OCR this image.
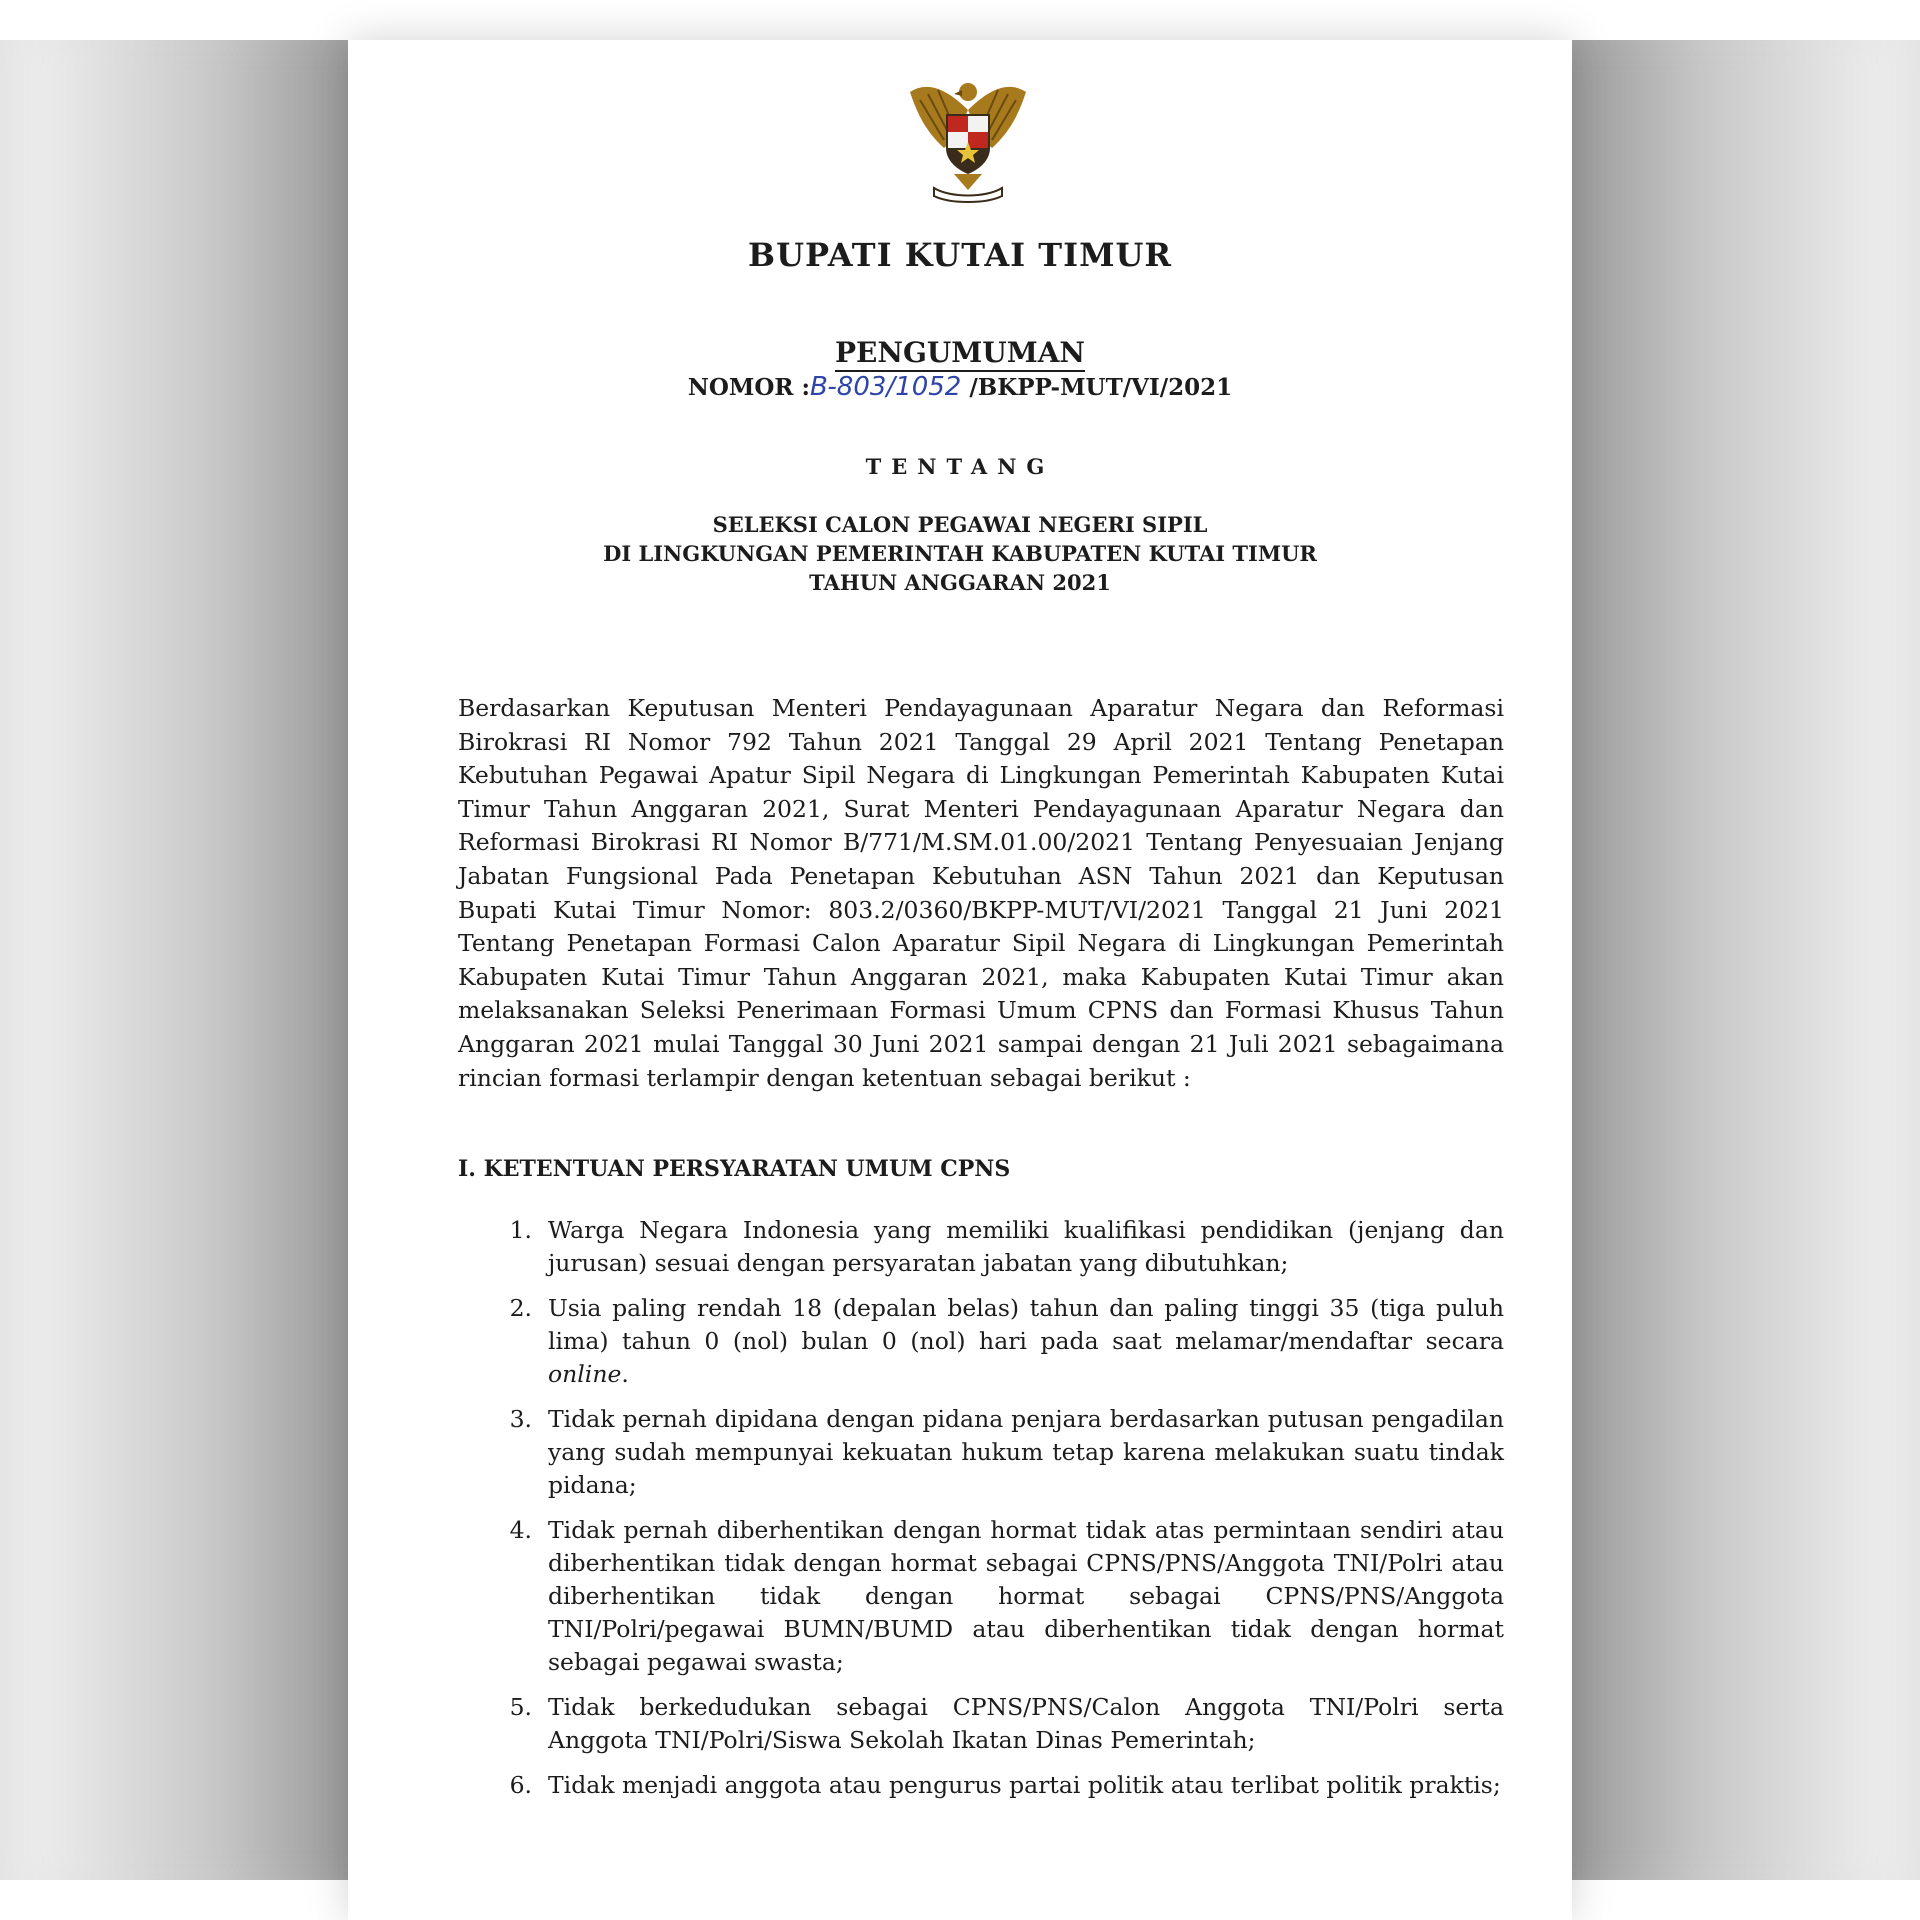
BUPATI KUTAI TIMUR
PENGUMUMAN
NOMOR :B-803/1052 /BKPP-MUT/VI/2021
TENTANG
SELEKSI CALON PEGAWAI NEGERI SIPIL
DI LINGKUNGAN PEMERINTAH KABUPATEN KUTAI TIMUR
TAHUN ANGGARAN 2021

Berdasarkan Keputusan Menteri Pendayagunaan Aparatur Negara dan Reformasi Birokrasi RI Nomor 792 Tahun 2021 Tanggal 29 April 2021 Tentang Penetapan Kebutuhan Pegawai Apatur Sipil Negara di Lingkungan Pemerintah Kabupaten Kutai Timur Tahun Anggaran 2021, Surat Menteri Pendayagunaan Aparatur Negara dan Reformasi Birokrasi RI Nomor B/771/M.SM.01.00/2021 Tentang Penyesuaian Jenjang Jabatan Fungsional Pada Penetapan Kebutuhan ASN Tahun 2021 dan Keputusan Bupati Kutai Timur Nomor: 803.2/0360/BKPP-MUT/VI/2021 Tanggal 21 Juni 2021 Tentang Penetapan Formasi Calon Aparatur Sipil Negara di Lingkungan Pemerintah Kabupaten Kutai Timur Tahun Anggaran 2021, maka Kabupaten Kutai Timur akan melaksanakan Seleksi Penerimaan Formasi Umum CPNS dan Formasi Khusus Tahun Anggaran 2021 mulai Tanggal 30 Juni 2021 sampai dengan 21 Juli 2021 sebagaimana rincian formasi terlampir dengan ketentuan sebagai berikut :

I. KETENTUAN PERSYARATAN UMUM CPNS
1. Warga Negara Indonesia yang memiliki kualifikasi pendidikan (jenjang dan jurusan) sesuai dengan persyaratan jabatan yang dibutuhkan;
2. Usia paling rendah 18 (depalan belas) tahun dan paling tinggi 35 (tiga puluh lima) tahun 0 (nol) bulan 0 (nol) hari pada saat melamar/mendaftar secara online.
3. Tidak pernah dipidana dengan pidana penjara berdasarkan putusan pengadilan yang sudah mempunyai kekuatan hukum tetap karena melakukan suatu tindak pidana;
4. Tidak pernah diberhentikan dengan hormat tidak atas permintaan sendiri atau diberhentikan tidak dengan hormat sebagai CPNS/PNS/Anggota TNI/Polri atau diberhentikan tidak dengan hormat sebagai CPNS/PNS/Anggota TNI/Polri/pegawai BUMN/BUMD atau diberhentikan tidak dengan hormat sebagai pegawai swasta;
5. Tidak berkedudukan sebagai CPNS/PNS/Calon Anggota TNI/Polri serta Anggota TNI/Polri/Siswa Sekolah Ikatan Dinas Pemerintah;
6. Tidak menjadi anggota atau pengurus partai politik atau terlibat politik praktis;
